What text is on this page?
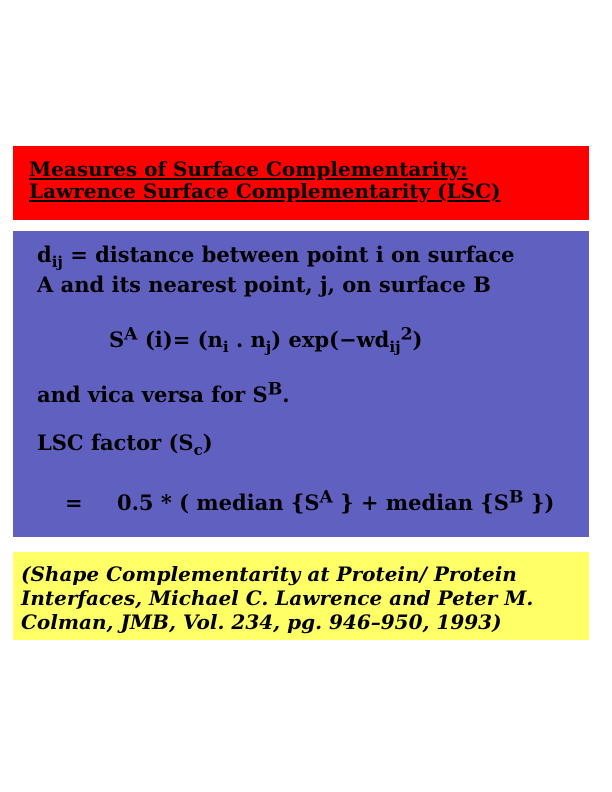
Measures of Surface Complementarity:
Lawrence Surface Complementarity (LSC)
$d_{ij}$ = distance between point i on surface
A and its nearest point, j, on surface B
$S^A$ $(i)= (n_i$ . $n_j$) $\exp(-wd_{ij}^2)$
and vica versa for $S^B$.
LSC factor $(S_c)$
= 0.5 * ( median {$S^A$ } + median {$S^B$ })
(Shape Complementarity at Protein/ Protein
Interfaces, Michael C. Lawrence and Peter M.
Colman, JMB, Vol. 234, pg. 946–950, 1993)
